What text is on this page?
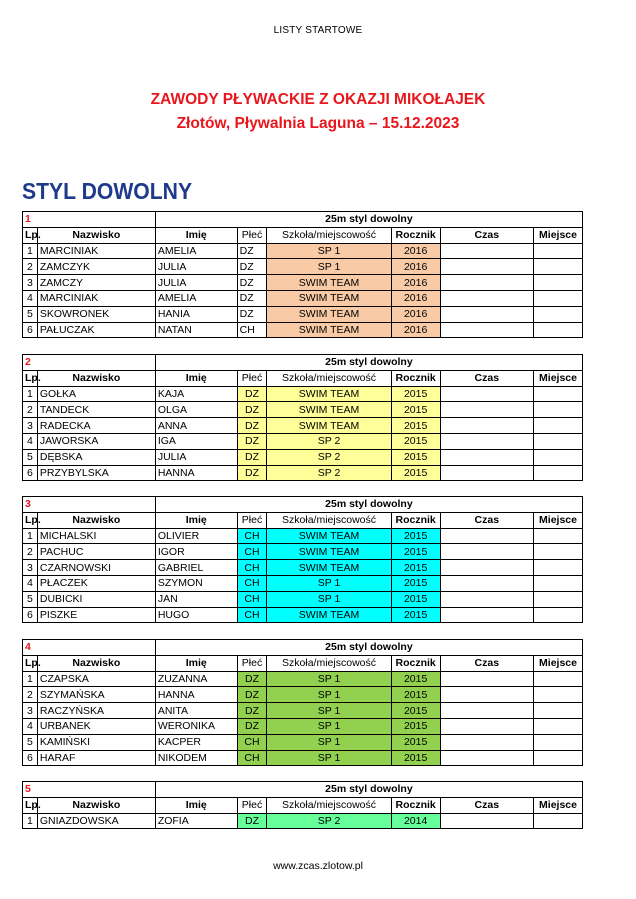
LISTY STARTOWE
ZAWODY PŁYWACKIE Z OKAZJI MIKOŁAJEK
Złotów, Pływalnia Laguna – 15.12.2023
STYL DOWOLNY
1		25m styl dowolny					
Lp.	Nazwisko	Imię	Płeć	Szkoła/miejscowość	Rocznik	Czas	Miejsce
1	MARCINIAK	AMELIA	DZ	SP 1	2016		
2	ZAMCZYK	JULIA	DZ	SP 1	2016		
3	ZAMCZY	JULIA	DZ	SWIM TEAM	2016		
4	MARCINIAK	AMELIA	DZ	SWIM TEAM	2016		
5	SKOWRONEK	HANIA	DZ	SWIM TEAM	2016		
6	PAŁUCZAK	NATAN	CH	SWIM TEAM	2016		
2		25m styl dowolny					
Lp.	Nazwisko	Imię	Płeć	Szkoła/miejscowość	Rocznik	Czas	Miejsce
1	GOŁKA	KAJA	DZ	SWIM TEAM	2015		
2	TANDECK	OLGA	DZ	SWIM TEAM	2015		
3	RADECKA	ANNA	DZ	SWIM TEAM	2015		
4	JAWORSKA	IGA	DZ	SP 2	2015		
5	DĘBSKA	JULIA	DZ	SP 2	2015		
6	PRZYBYLSKA	HANNA	DZ	SP 2	2015		
3		25m styl dowolny					
Lp.	Nazwisko	Imię	Płeć	Szkoła/miejscowość	Rocznik	Czas	Miejsce
1	MICHALSKI	OLIVIER	CH	SWIM TEAM	2015		
2	PACHUC	IGOR	CH	SWIM TEAM	2015		
3	CZARNOWSKI	GABRIEL	CH	SWIM TEAM	2015		
4	PŁACZEK	SZYMON	CH	SP 1	2015		
5	DUBICKI	JAN	CH	SP 1	2015		
6	PISZKE	HUGO	CH	SWIM TEAM	2015		
4		25m styl dowolny					
Lp.	Nazwisko	Imię	Płeć	Szkoła/miejscowość	Rocznik	Czas	Miejsce
1	CZAPSKA	ZUZANNA	DZ	SP 1	2015		
2	SZYMAŃSKA	HANNA	DZ	SP 1	2015		
3	RACZYŃSKA	ANITA	DZ	SP 1	2015		
4	URBANEK	WERONIKA	DZ	SP 1	2015		
5	KAMIŃSKI	KACPER	CH	SP 1	2015		
6	HARAF	NIKODEM	CH	SP 1	2015		
5		25m styl dowolny					
Lp.	Nazwisko	Imię	Płeć	Szkoła/miejscowość	Rocznik	Czas	Miejsce
1	GNIAZDOWSKA	ZOFIA	DZ	SP 2	2014		
www.zcas.zlotow.pl
